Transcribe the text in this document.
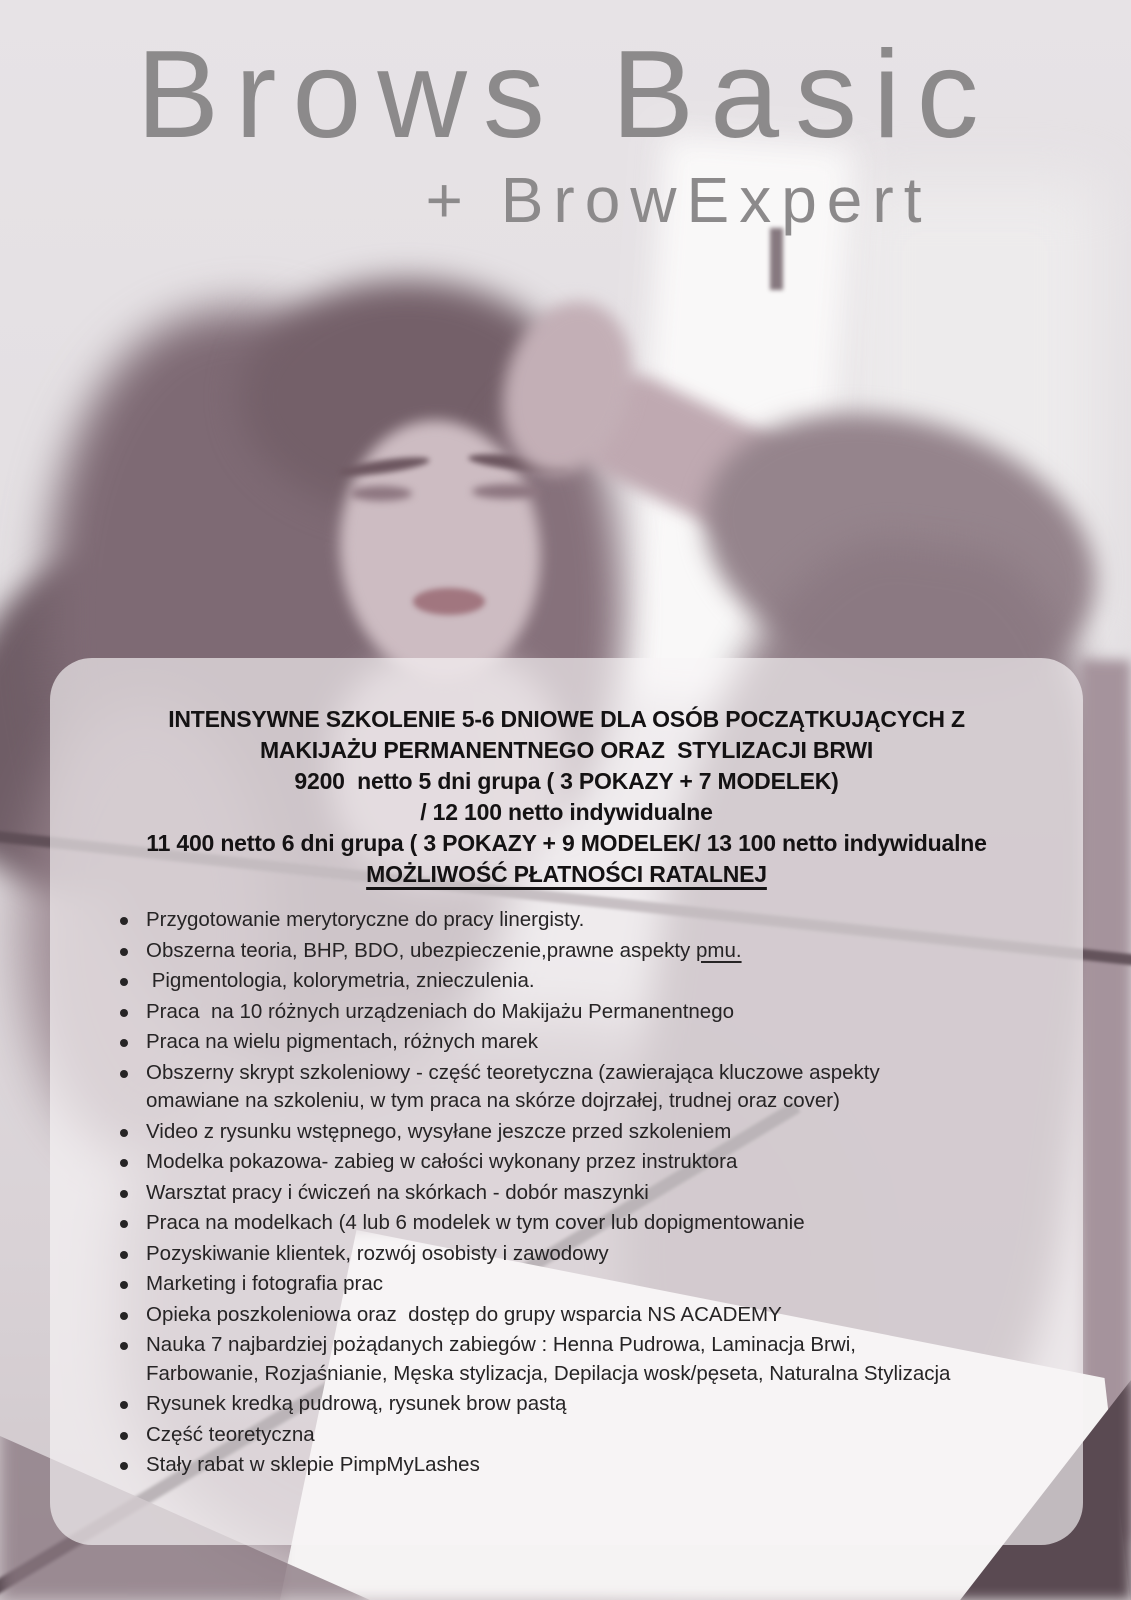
Brows Basic
+ BrowExpert

INTENSYWNE SZKOLENIE 5-6 DNIOWE DLA OSÓB POCZĄTKUJĄCYCH Z

MAKIJAŻU PERMANENTNEGO ORAZ  STYLIZACJI BRWI

9200  netto 5 dni grupa ( 3 POKAZY + 7 MODELEK)

/ 12 100 netto indywidualne

11 400 netto 6 dni grupa ( 3 POKAZY + 9 MODELEK/ 13 100 netto indywidualne

MOŻLIWOŚĆ PŁATNOŚCI RATALNEJ

Przygotowanie merytoryczne do pracy linergisty.
Obszerna teoria, BHP, BDO, ubezpieczenie,prawne aspekty pmu.
Pigmentologia, kolorymetria, znieczulenia.
Praca  na 10 różnych urządzeniach do Makijażu Permanentnego
Praca na wielu pigmentach, różnych marek
Obszerny skrypt szkoleniowy - część teoretyczna (zawierająca kluczowe aspekty
omawiane na szkoleniu, w tym praca na skórze dojrzałej, trudnej oraz cover)
Video z rysunku wstępnego, wysyłane jeszcze przed szkoleniem
Modelka pokazowa- zabieg w całości wykonany przez instruktora
Warsztat pracy i ćwiczeń na skórkach - dobór maszynki
Praca na modelkach (4 lub 6 modelek w tym cover lub dopigmentowanie
Pozyskiwanie klientek, rozwój osobisty i zawodowy
Marketing i fotografia prac
Opieka poszkoleniowa oraz  dostęp do grupy wsparcia NS ACADEMY
Nauka 7 najbardziej pożądanych zabiegów : Henna Pudrowa, Laminacja Brwi,
Farbowanie, Rozjaśnianie, Męska stylizacja, Depilacja wosk/pęseta, Naturalna Stylizacja
Rysunek kredką pudrową, rysunek brow pastą
Część teoretyczna
Stały rabat w sklepie PimpMyLashes
